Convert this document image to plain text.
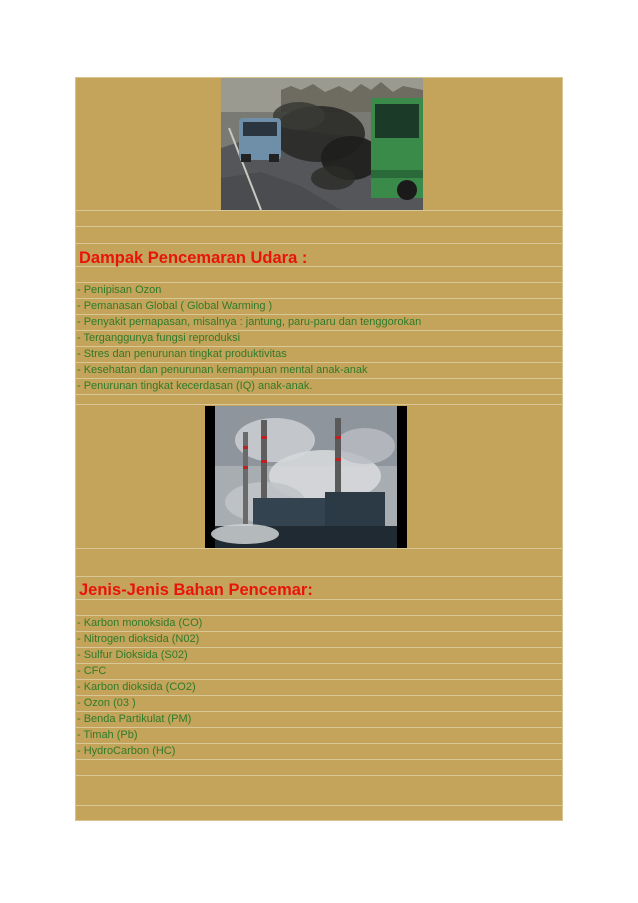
Dampak Pencemaran Udara :
- Penipisan Ozon
- Pemanasan Global ( Global Warming )
- Penyakit pernapasan, misalnya : jantung, paru-paru dan tenggorokan
- Terganggunya fungsi reproduksi
- Stres dan penurunan tingkat produktivitas
- Kesehatan dan penurunan kemampuan mental anak-anak
- Penurunan tingkat kecerdasan (IQ) anak-anak.
Jenis-Jenis Bahan Pencemar:
- Karbon monoksida (CO)
- Nitrogen dioksida (N02)
- Sulfur Dioksida (S02)
- CFC
- Karbon dioksida (CO2)
- Ozon (03 )
- Benda Partikulat (PM)
- Timah (Pb)
- HydroCarbon (HC)
